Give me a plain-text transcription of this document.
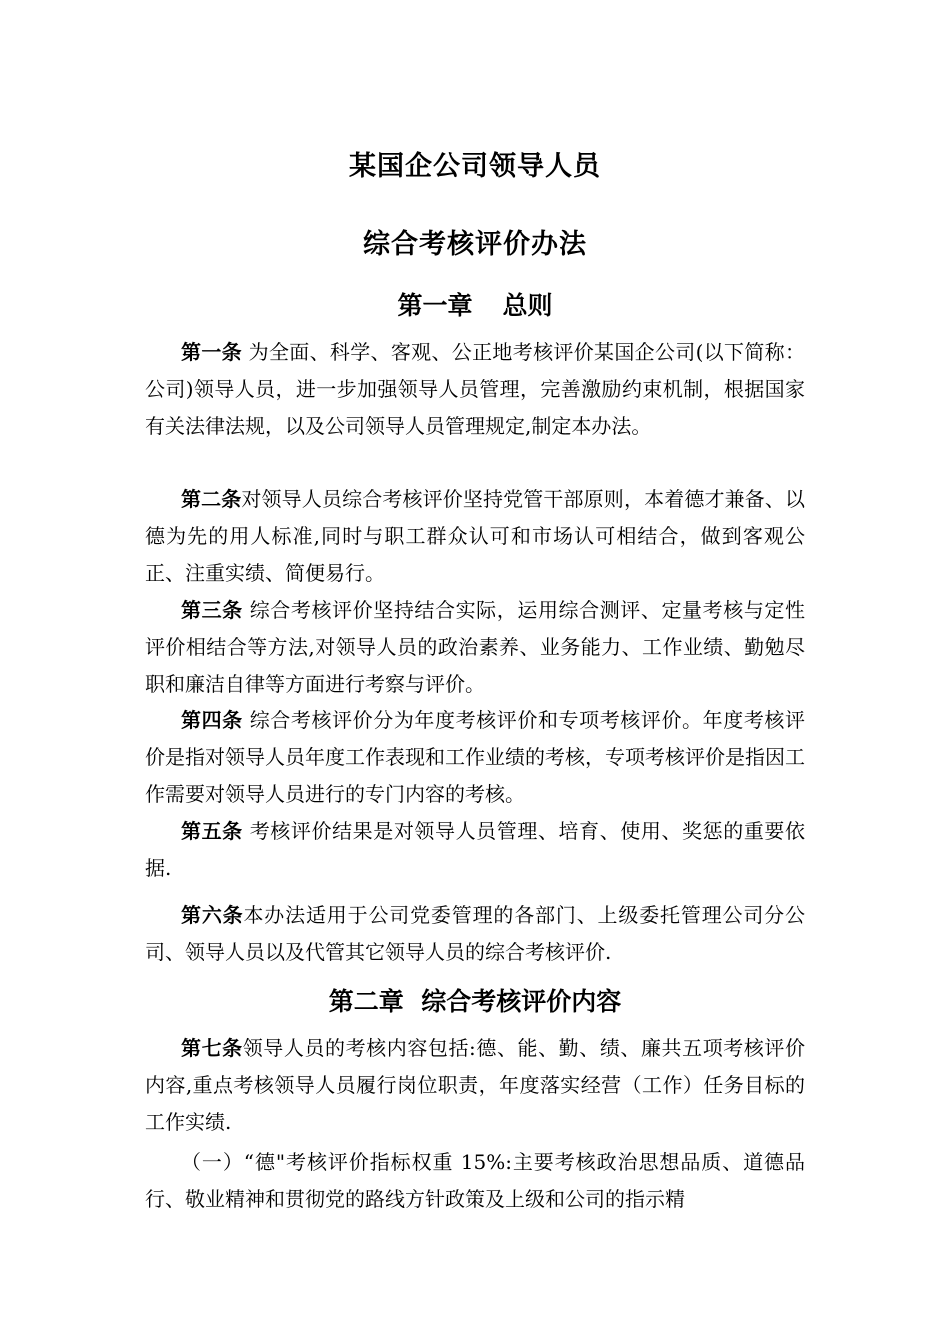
某国企公司领导人员
综合考核评价办法
第一章 总则

第一条 为全面、科学、客观、公正地考核评价某国企公司(以下简称：公司)领导人员，进一步加强领导人员管理，完善激励约束机制，根据国家有关法律法规，以及公司领导人员管理规定,制定本办法。

第二条对领导人员综合考核评价坚持党管干部原则，本着德才兼备、以德为先的用人标准,同时与职工群众认可和市场认可相结合，做到客观公正、注重实绩、简便易行。

第三条 综合考核评价坚持结合实际，运用综合测评、定量考核与定性评价相结合等方法,对领导人员的政治素养、业务能力、工作业绩、勤勉尽职和廉洁自律等方面进行考察与评价。

第四条 综合考核评价分为年度考核评价和专项考核评价。年度考核评价是指对领导人员年度工作表现和工作业绩的考核，专项考核评价是指因工作需要对领导人员进行的专门内容的考核。

第五条 考核评价结果是对领导人员管理、培育、使用、奖惩的重要依据.

第六条本办法适用于公司党委管理的各部门、上级委托管理公司分公司、领导人员以及代管其它领导人员的综合考核评价.

第二章  综合考核评价内容

第七条领导人员的考核内容包括:德、能、勤、绩、廉共五项考核评价内容,重点考核领导人员履行岗位职责，年度落实经营（工作）任务目标的工作实绩.

（一）“德"考核评价指标权重 15%:主要考核政治思想品质、道德品行、敬业精神和贯彻党的路线方针政策及上级和公司的指示精
